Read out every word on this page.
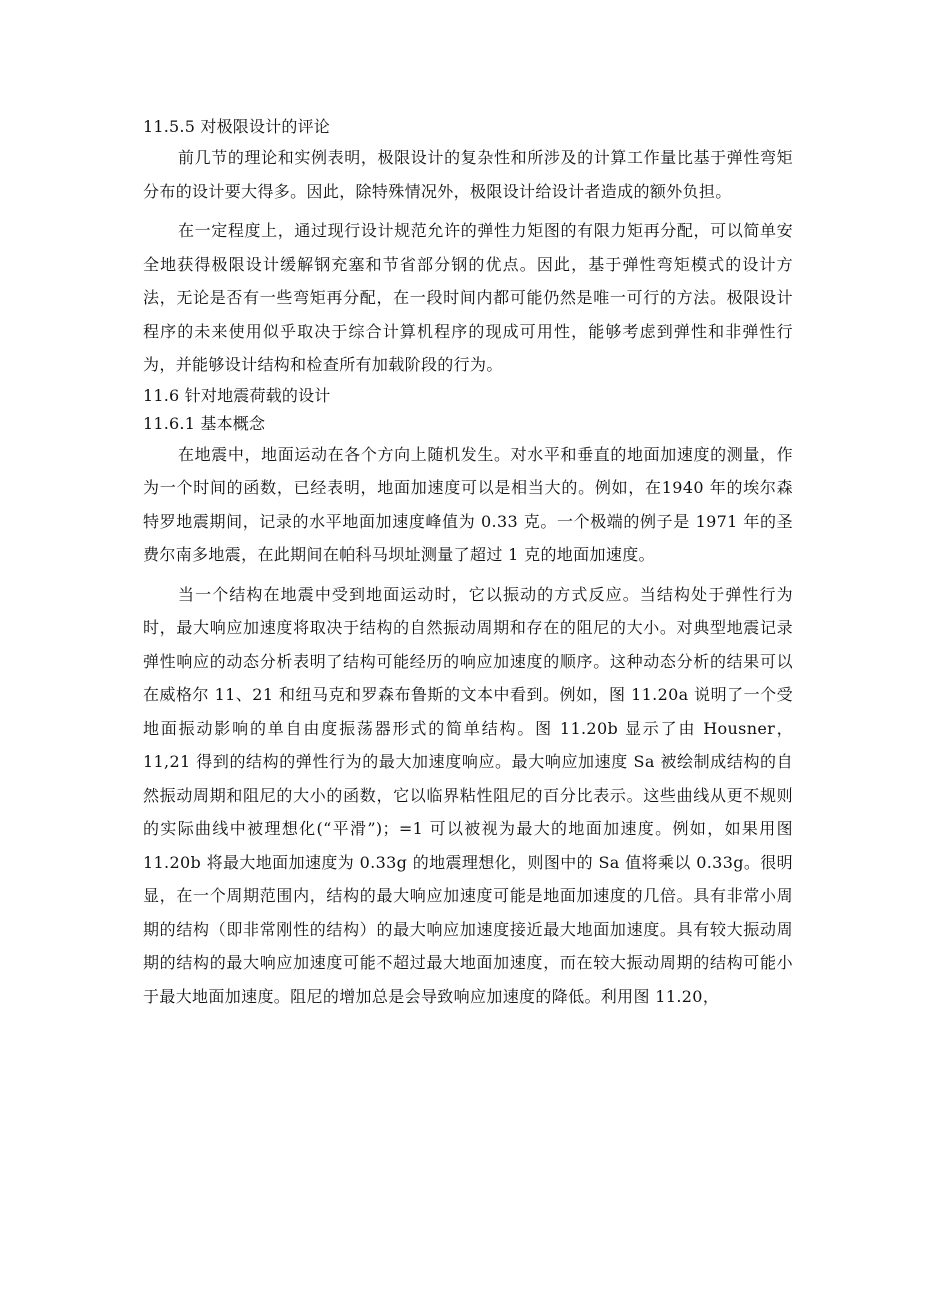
11.5.5 对极限设计的评论

前几节的理论和实例表明，极限设计的复杂性和所涉及的计算工作量比基于弹性弯矩分布的设计要大得多。因此，除特殊情况外，极限设计给设计者造成的额外负担。

在一定程度上，通过现行设计规范允许的弹性力矩图的有限力矩再分配，可以简单安全地获得极限设计缓解钢充塞和节省部分钢的优点。因此，基于弹性弯矩模式的设计方法，无论是否有一些弯矩再分配，在一段时间内都可能仍然是唯一可行的方法。极限设计程序的未来使用似乎取决于综合计算机程序的现成可用性，能够考虑到弹性和非弹性行为，并能够设计结构和检查所有加载阶段的行为。

11.6 针对地震荷载的设计
11.6.1 基本概念

在地震中，地面运动在各个方向上随机发生。对水平和垂直的地面加速度的测量，作为一个时间的函数，已经表明，地面加速度可以是相当大的。例如，在1940 年的埃尔森特罗地震期间，记录的水平地面加速度峰值为 0.33 克。一个极端的例子是 1971 年的圣费尔南多地震，在此期间在帕科马坝址测量了超过 1 克的地面加速度。

当一个结构在地震中受到地面运动时，它以振动的方式反应。当结构处于弹性行为时，最大响应加速度将取决于结构的自然振动周期和存在的阻尼的大小。对典型地震记录弹性响应的动态分析表明了结构可能经历的响应加速度的顺序。这种动态分析的结果可以在威格尔 11、21 和纽马克和罗森布鲁斯的文本中看到。例如，图 11.20a 说明了一个受地面振动影响的单自由度振荡器形式的简单结构。图 11.20b 显示了由 Housner，11,21 得到的结构的弹性行为的最大加速度响应。最大响应加速度 Sa 被绘制成结构的自然振动周期和阻尼的大小的函数，它以临界粘性阻尼的百分比表示。这些曲线从更不规则的实际曲线中被理想化(“平滑”)；=1 可以被视为最大的地面加速度。例如，如果用图 11.20b 将最大地面加速度为 0.33g 的地震理想化，则图中的 Sa 值将乘以 0.33g。很明显，在一个周期范围内，结构的最大响应加速度可能是地面加速度的几倍。具有非常小周期的结构（即非常刚性的结构）的最大响应加速度接近最大地面加速度。具有较大振动周期的结构的最大响应加速度可能不超过最大地面加速度，而在较大振动周期的结构可能小于最大地面加速度。阻尼的增加总是会导致响应加速度的降低。利用图 11.20，
